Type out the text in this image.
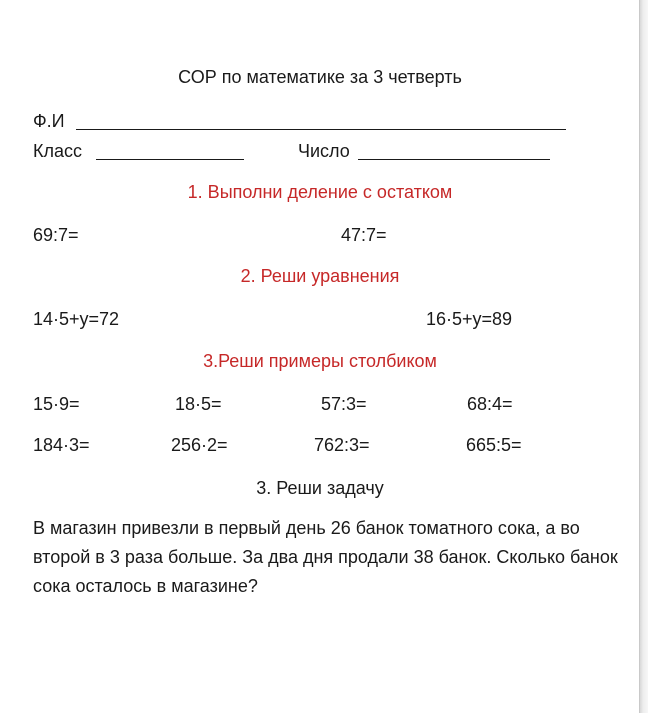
СОР по математике за 3 четверть
Ф.И
Класс	Число
1. Выполни деление с остатком
69:7=	47:7=
2. Реши уравнения
14·5+y=72	16·5+y=89
3.Реши примеры столбиком
15·9=	18·5=	57:3=	68:4=
184·3=	256·2=	762:3=	665:5=
3. Реши задачу
В магазин привезли в первый день 26 банок томатного сока, а во второй в 3 раза больше. За два дня продали 38 банок. Сколько банок сока осталось в магазине?
